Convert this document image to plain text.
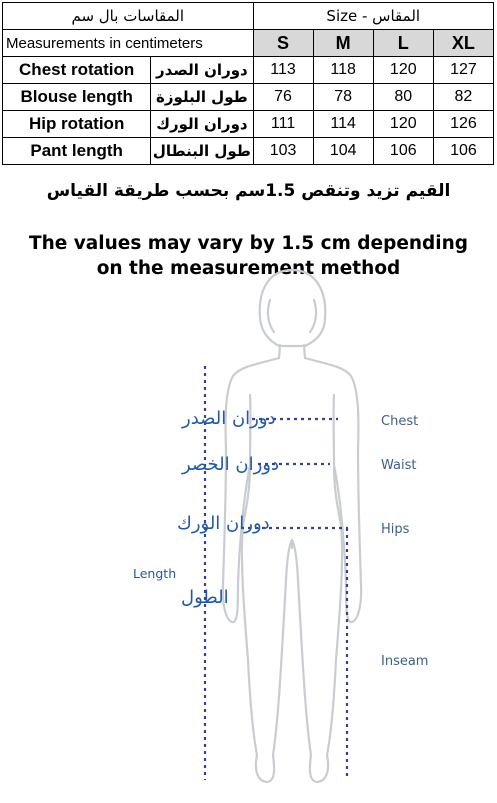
المقاسات بال سم		Size - المقاس			
Measurements in centimeters		S	M	L	XL
Chest rotation	دوران الصدر	113	118	120	127
Blouse length	طول البلوزة	76	78	80	82
Hip rotation	دوران الورك	111	114	120	126
Pant length	طول البنطال	103	104	106	106

القيم تزيد وتنقص 1.5سم بحسب طريقة القياس

The values may vary by 1.5 cm depending

on the measurement method

Chest
Waist
Hips
Inseam
دوران الصدر
دوران الخصر
دوران الورك
Length
الطول
